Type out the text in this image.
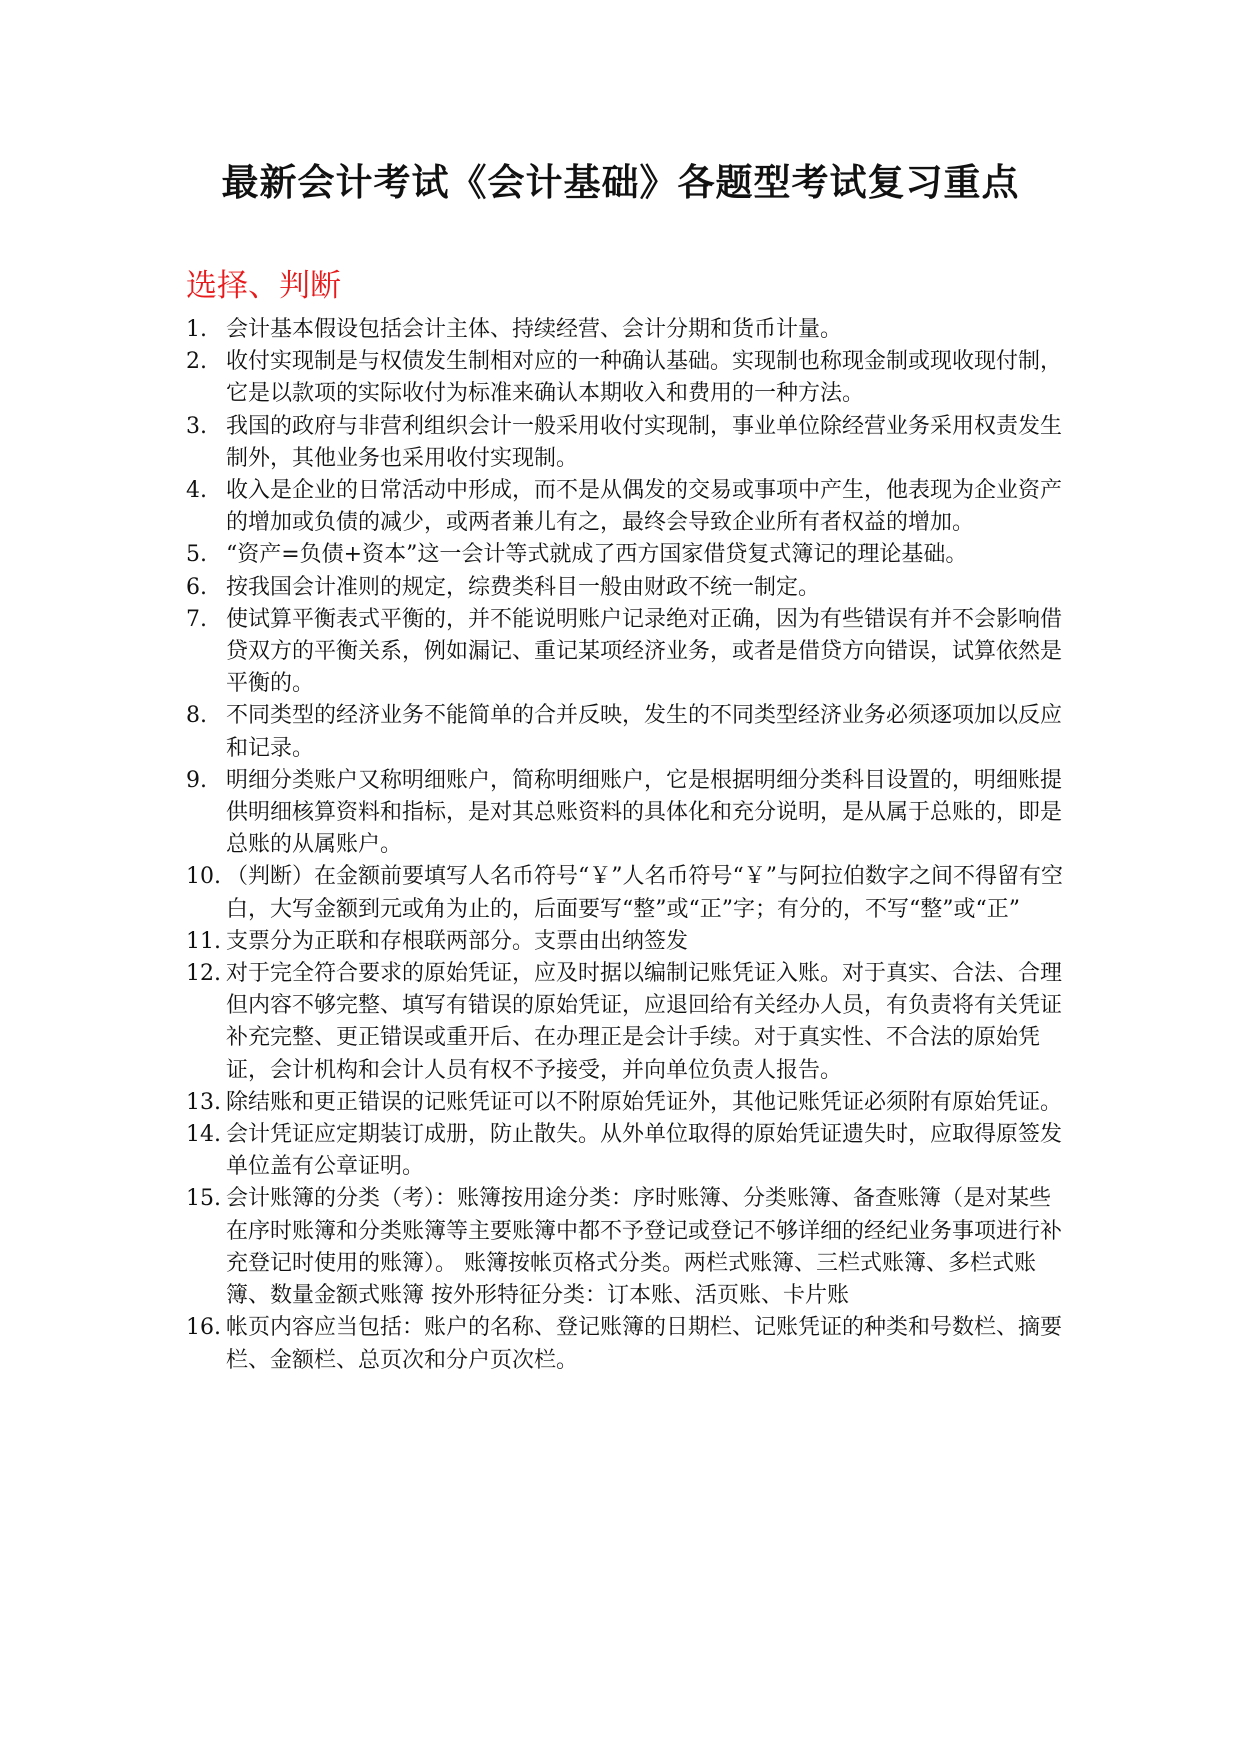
最新会计考试《会计基础》各题型考试复习重点
选择、判断
1. 会计基本假设包括会计主体、持续经营、会计分期和货币计量。
2. 收付实现制是与权债发生制相对应的一种确认基础。实现制也称现金制或现收现付制，它是以款项的实际收付为标准来确认本期收入和费用的一种方法。
3. 我国的政府与非营利组织会计一般采用收付实现制，事业单位除经营业务采用权责发生制外，其他业务也采用收付实现制。
4. 收入是企业的日常活动中形成，而不是从偶发的交易或事项中产生，他表现为企业资产的增加或负债的减少，或两者兼儿有之，最终会导致企业所有者权益的增加。
5. “资产=负债+资本”这一会计等式就成了西方国家借贷复式簿记的理论基础。
6. 按我国会计准则的规定，综费类科目一般由财政不统一制定。
7. 使试算平衡表式平衡的，并不能说明账户记录绝对正确，因为有些错误有并不会影响借贷双方的平衡关系，例如漏记、重记某项经济业务，或者是借贷方向错误，试算依然是平衡的。
8. 不同类型的经济业务不能简单的合并反映，发生的不同类型经济业务必须逐项加以反应和记录。
9. 明细分类账户又称明细账户，简称明细账户，它是根据明细分类科目设置的，明细账提供明细核算资料和指标，是对其总账资料的具体化和充分说明，是从属于总账的，即是总账的从属账户。
10. （判断）在金额前要填写人名币符号“￥”人名币符号“￥”与阿拉伯数字之间不得留有空白，大写金额到元或角为止的，后面要写“整”或“正”字；有分的，不写“整”或“正”
11. 支票分为正联和存根联两部分。支票由出纳签发
12. 对于完全符合要求的原始凭证，应及时据以编制记账凭证入账。对于真实、合法、合理但内容不够完整、填写有错误的原始凭证，应退回给有关经办人员，有负责将有关凭证补充完整、更正错误或重开后、在办理正是会计手续。对于真实性、不合法的原始凭证，会计机构和会计人员有权不予接受，并向单位负责人报告。
13. 除结账和更正错误的记账凭证可以不附原始凭证外，其他记账凭证必须附有原始凭证。
14. 会计凭证应定期装订成册，防止散失。从外单位取得的原始凭证遗失时，应取得原签发单位盖有公章证明。
15. 会计账簿的分类（考）：账簿按用途分类：序时账簿、分类账簿、备查账簿（是对某些在序时账簿和分类账簿等主要账簿中都不予登记或登记不够详细的经纪业务事项进行补充登记时使用的账簿）。 账簿按帐页格式分类。两栏式账簿、三栏式账簿、多栏式账簿、数量金额式账簿 按外形特征分类：订本账、活页账、卡片账
16. 帐页内容应当包括：账户的名称、登记账簿的日期栏、记账凭证的种类和号数栏、摘要栏、金额栏、总页次和分户页次栏。
